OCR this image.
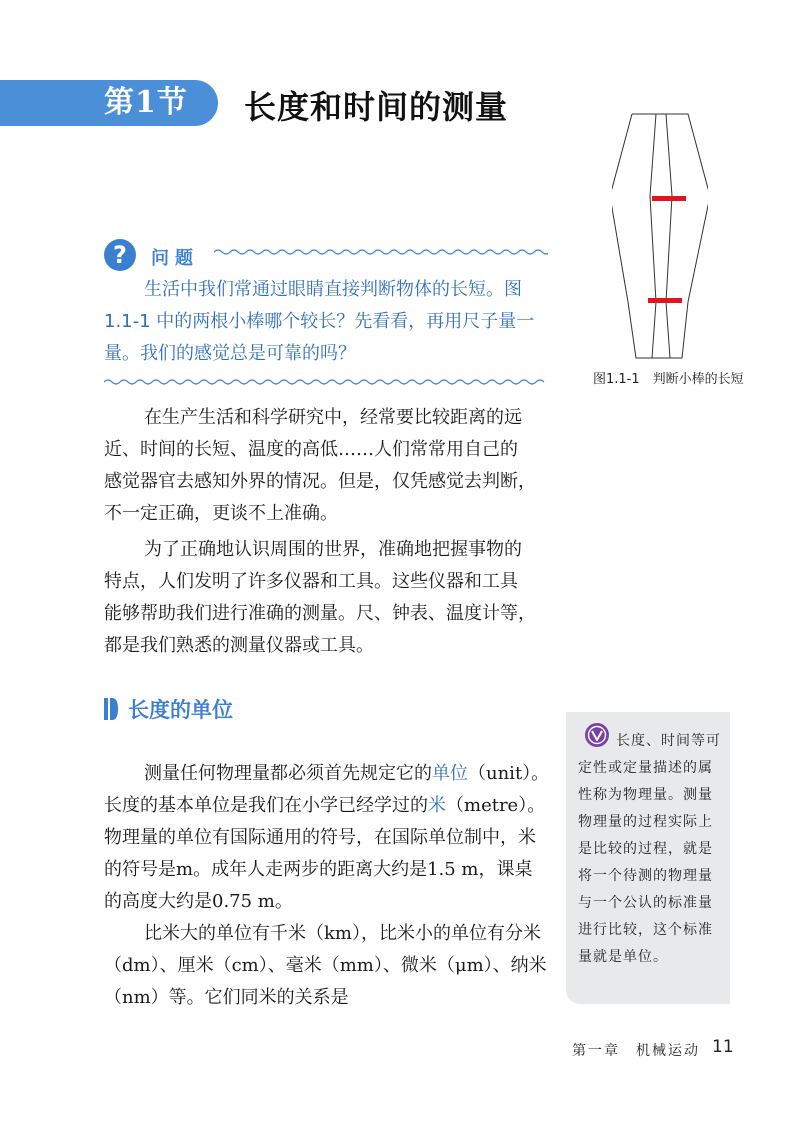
第1节	长度和时间的测量
图1.1-1　判断小棒的长短
?	问题
生活中我们常通过眼睛直接判断物体的长短。图
1.1-1 中的两根小棒哪个较长？先看看，再用尺子量一
量。我们的感觉总是可靠的吗？
在生产生活和科学研究中，经常要比较距离的远
近、时间的长短、温度的高低……人们常常用自己的
感觉器官去感知外界的情况。但是，仅凭感觉去判断，
不一定正确，更谈不上准确。
为了正确地认识周围的世界，准确地把握事物的
特点，人们发明了许多仪器和工具。这些仪器和工具
能够帮助我们进行准确的测量。尺、钟表、温度计等，
都是我们熟悉的测量仪器或工具。
长度的单位
测量任何物理量都必须首先规定它的单位（unit）。
长度的基本单位是我们在小学已经学过的米（metre）。
物理量的单位有国际通用的符号，在国际单位制中，米
的符号是m。成年人走两步的距离大约是1.5 m，课桌
的高度大约是0.75 m。
比米大的单位有千米（km），比米小的单位有分米
（dm）、厘米（cm）、毫米（mm）、微米（μm）、纳米
（nm）等。它们同米的关系是
长度、时间等可定性或定量描述的属性称为物理量。测量物理量的过程实际上是比较的过程，就是将一个待测的物理量与一个公认的标准量进行比较，这个标准量就是单位。
第一章　机械运动 11
